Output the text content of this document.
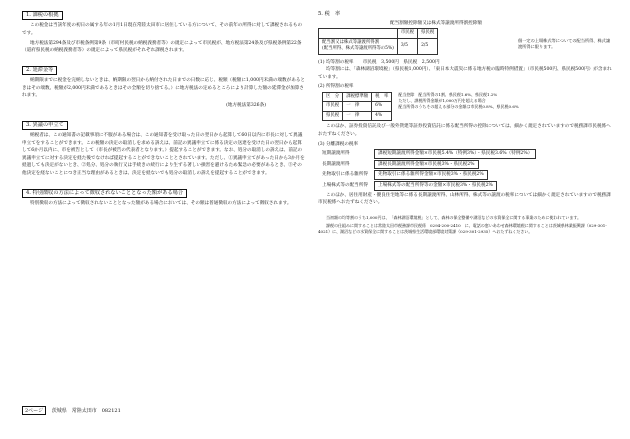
1. 課税の根拠

この税金は当該年度の初日の属する年の1月1日現在常陸太田市に居住している方について、その前年の所得に対して課税されるものです。

地方税法第294条及び市税条例第9条（市町村民税の納税義務者等）の規定によって市民税が、地方税法第24条及び県税条例第22条（道府県民税の納税義務者等）の規定によって県民税がそれぞれ課税されます。

2. 延滞金等

納期限までに税金を完納しないときは、納期限の翌日から納付された日までの日数に応じ、税額（税額に1,000円未満の端数があるときはその端数、税額が2,000円未満であるときはその全額を切り捨てる。）に地方税法の定めるところにより計算した額の延滞金が加算されます。

(地方税法第326条)

3. 異議の申立て

納税者は、この通知書の記載事項に不服がある場合は、この通知書を受け取った日の翌日から起算して60日以内に市長に対して異議申立てをすることができます。この税額の決定の取消しを求める訴えは、前記の異議申立てに係る決定の送達を受けた日の翌日から起算して6か月以内に、市を被告として（市長が被告の代表者となります。）提起することができます。なお、処分の取消しの訴えは、前記の異議申立てに対する決定を経た後でなければ提起することができないこととされています。ただし、①異議申立てがあった日から3か月を経過しても決定がないとき、②処分、処分の執行又は手続きの続行により生ずる著しい損害を避けるため緊急の必要があるとき、③その他決定を経ないことにつき正当な理由があるときは、決定を経ないでも処分の取消しの訴えを提起することができます。

4. 特別徴収の方法によって徴収されないこととなった額がある場合

特別徴収の方法によって徴収されないこととなった額がある場合においては、その額は普通徴収の方法によって徴収されます。

2ページ 茨城県　常陸太田市　082121
5. 税　率
配当割額控除額又は株式等譲渡所得割控除額
	市民税	県民税
配当割又は株式等譲渡所得割
(配当所得、株式等譲渡所得等の5%)	3/5	2/5
個一定の上場株式等についての配当所得、株式譲渡所得に限ります。
(1) 均等割の税率　　市民税　3,500円　県民税　2,500円

均等割には、「森林湖沼環境税」（県民税1,000円）、「東日本大震災に係る地方税の臨時特例措置」（市民税500円、県民税500円）が含まれています。

(2) 所得割の税率
区　分	課税標準額	税　率
市民税	一　律	6%
県民税	一　律	4%
配当控除　配当所得の1割、県民税1.6%、県民税1.2%
ただし、課税所得金額が1,000万円を超える場合
配当所得のうちその超える部分の金額は市民税0.8%、県民税0.6%

このほか、証券投資信託及び一般外貨建等証券投資信託に係る配当所得の控除については、細かく規定されていますので税務課市民税係へおたずねください。

(3) 分離課税の税率
短期譲渡所得	課税短期譲渡所得金額×市民税5.4%（特例3%）・県民税3.6%（特例2%）
長期譲渡所得	課税長期譲渡所得金額×市民税3%・県民税2%
先物取引に係る雑所得	先物取引に係る雑所得金額×市民税3%・県民税2%
上場株式等の配当所得	上場株式等の配当所得等の金額×市民税3%・県民税2%

このほか、居住用財産・優良住宅地等に係る長期譲渡所得、山林所得、株式等の譲渡の税率については細かく規定されていますので税務課市民税係へおたずねください。

当初額の均等割のうち1,000円は、「森林湖沼環境税」として、森林の保全整備や湖沼などの水質保全に関する事業のために使われています。

課税の仕組みに関することは常陸太田市税務課市民税係　0294-200-2410　に、電話の窓いあわせ森林環境税に関することは茨城県林業振興課（029-301-4021）に、湖沼などの水質保全に関することは茨城県生活環境部環境対策課（029-301-2935）へおたずねください。
